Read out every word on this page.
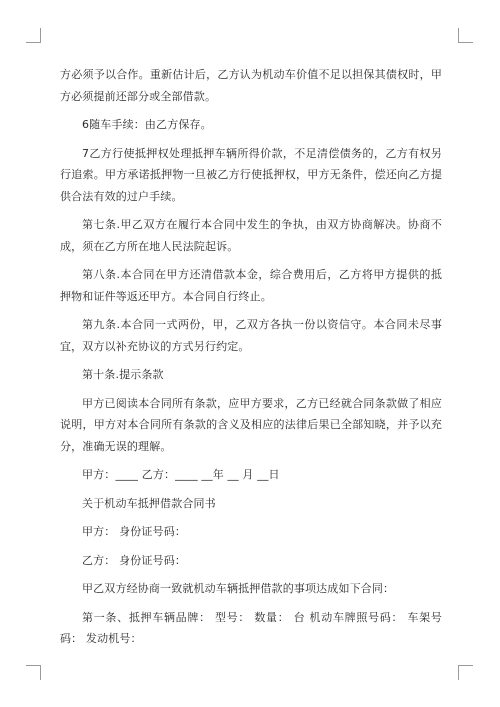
方必须予以合作。重新估计后，乙方认为机动车价值不足以担保其债权时，甲方必须提前还部分或全部借款。

6随车手续：由乙方保存。

7乙方行使抵押权处理抵押车辆所得价款，不足清偿债务的，乙方有权另行追索。甲方承诺抵押物一旦被乙方行使抵押权，甲方无条件，偿还向乙方提供合法有效的过户手续。

第七条.甲乙双方在履行本合同中发生的争执，由双方协商解决。协商不成，须在乙方所在地人民法院起诉。

第八条.本合同在甲方还清借款本金，综合费用后，乙方将甲方提供的抵押物和证件等返还甲方。本合同自行终止。

第九条.本合同一式两份，甲，乙双方各执一份以资信守。本合同未尽事宜，双方以补充协议的方式另行约定。

第十条.提示条款

甲方已阅读本合同所有条款，应甲方要求，乙方已经就合同条款做了相应说明，甲方对本合同所有条款的含义及相应的法律后果已全部知晓，并予以充分，准确无误的理解。

甲方：____ 乙方：____ __年 __ 月 __日

关于机动车抵押借款合同书

甲方： 身份证号码：

乙方： 身份证号码：

甲乙双方经协商一致就机动车辆抵押借款的事项达成如下合同：

第一条、抵押车辆品牌： 型号： 数量： 台 机动车牌照号码： 车架号码： 发动机号：
